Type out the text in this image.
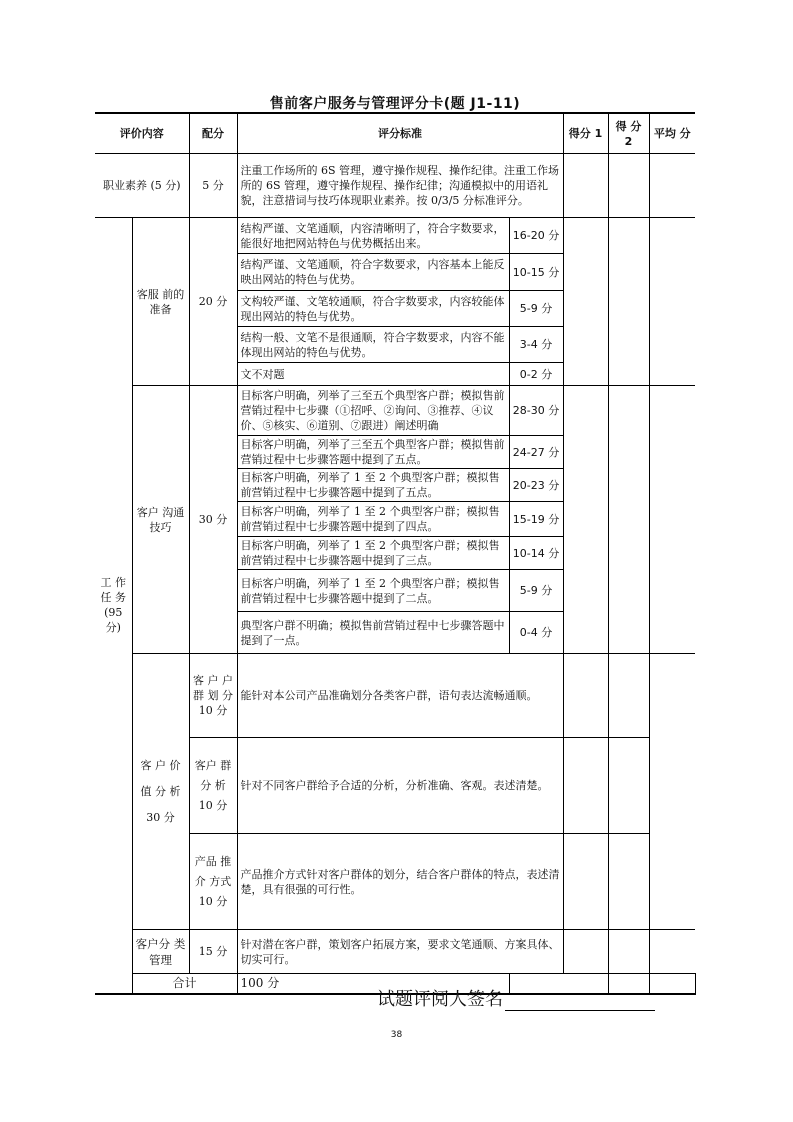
售前客户服务与管理评分卡(题 J1-11)
评价内容		配分	评分标准		得分 1	得 分 2	平均 分	
职业素养 (5 分)		5 分	注重工作场所的 6S 管理，遵守操作规程、操作纪律。注重工作场所的 6S 管理，遵守操作规程、操作纪律；沟通模拟中的用语礼貌，注意措词与技巧体现职业素养。按 0/3/5 分标准评分。					
工 作 任 务 (95 分)	客服 前的 准备	20 分	结构严谨、文笔通顺，内容清晰明了，符合字数要求，能很好地把网站特色与优势概括出来。	16-20 分				
			结构严谨、文笔通顺，符合字数要求，内容基本上能反映出网站的特色与优势。	10-15 分				
			文构较严谨、文笔较通顺，符合字数要求，内容较能体现出网站的特色与优势。	5-9 分				
			结构一般、文笔不是很通顺，符合字数要求，内容不能体现出网站的特色与优势。	3-4 分				
			文不对题	0-2 分				
	客户 沟通 技巧	30 分	目标客户明确，列举了三至五个典型客户群；模拟售前营销过程中七步骤（①招呼、②询问、③推荐、④议价、⑤核实、⑥道别、⑦跟进）阐述明确	28-30 分				
			目标客户明确，列举了三至五个典型客户群；模拟售前营销过程中七步骤答题中提到了五点。	24-27 分				
			目标客户明确，列举了 1 至 2 个典型客户群；模拟售前营销过程中七步骤答题中提到了五点。	20-23 分				
			目标客户明确，列举了 1 至 2 个典型客户群；模拟售前营销过程中七步骤答题中提到了四点。	15-19 分				
			目标客户明确，列举了 1 至 2 个典型客户群；模拟售前营销过程中七步骤答题中提到了三点。	10-14 分				
			目标客户明确，列举了 1 至 2 个典型客户群；模拟售前营销过程中七步骤答题中提到了二点。	5-9 分				
			典型客户群不明确；模拟售前营销过程中七步骤答题中提到了一点。	0-4 分				
	客 户 价 值 分 析 30 分	客 户 户 群 划 分 10 分	能针对本公司产品准确划分各类客户群，语句表达流畅通顺。					
		客户 群分 析 10 分	针对不同客户群给予合适的分析，分析准确、客观。表述清楚。					
		产品 推介 方式 10 分	产品推介方式针对客户群体的划分，结合客户群体的特点，表述清楚，具有很强的可行性。					
	客户分 类管理	15 分	针对潜在客户群，策划客户拓展方案，要求文笔通顺、方案具体、切实可行。					
	合计		100 分					
试题评阅人签名
38
